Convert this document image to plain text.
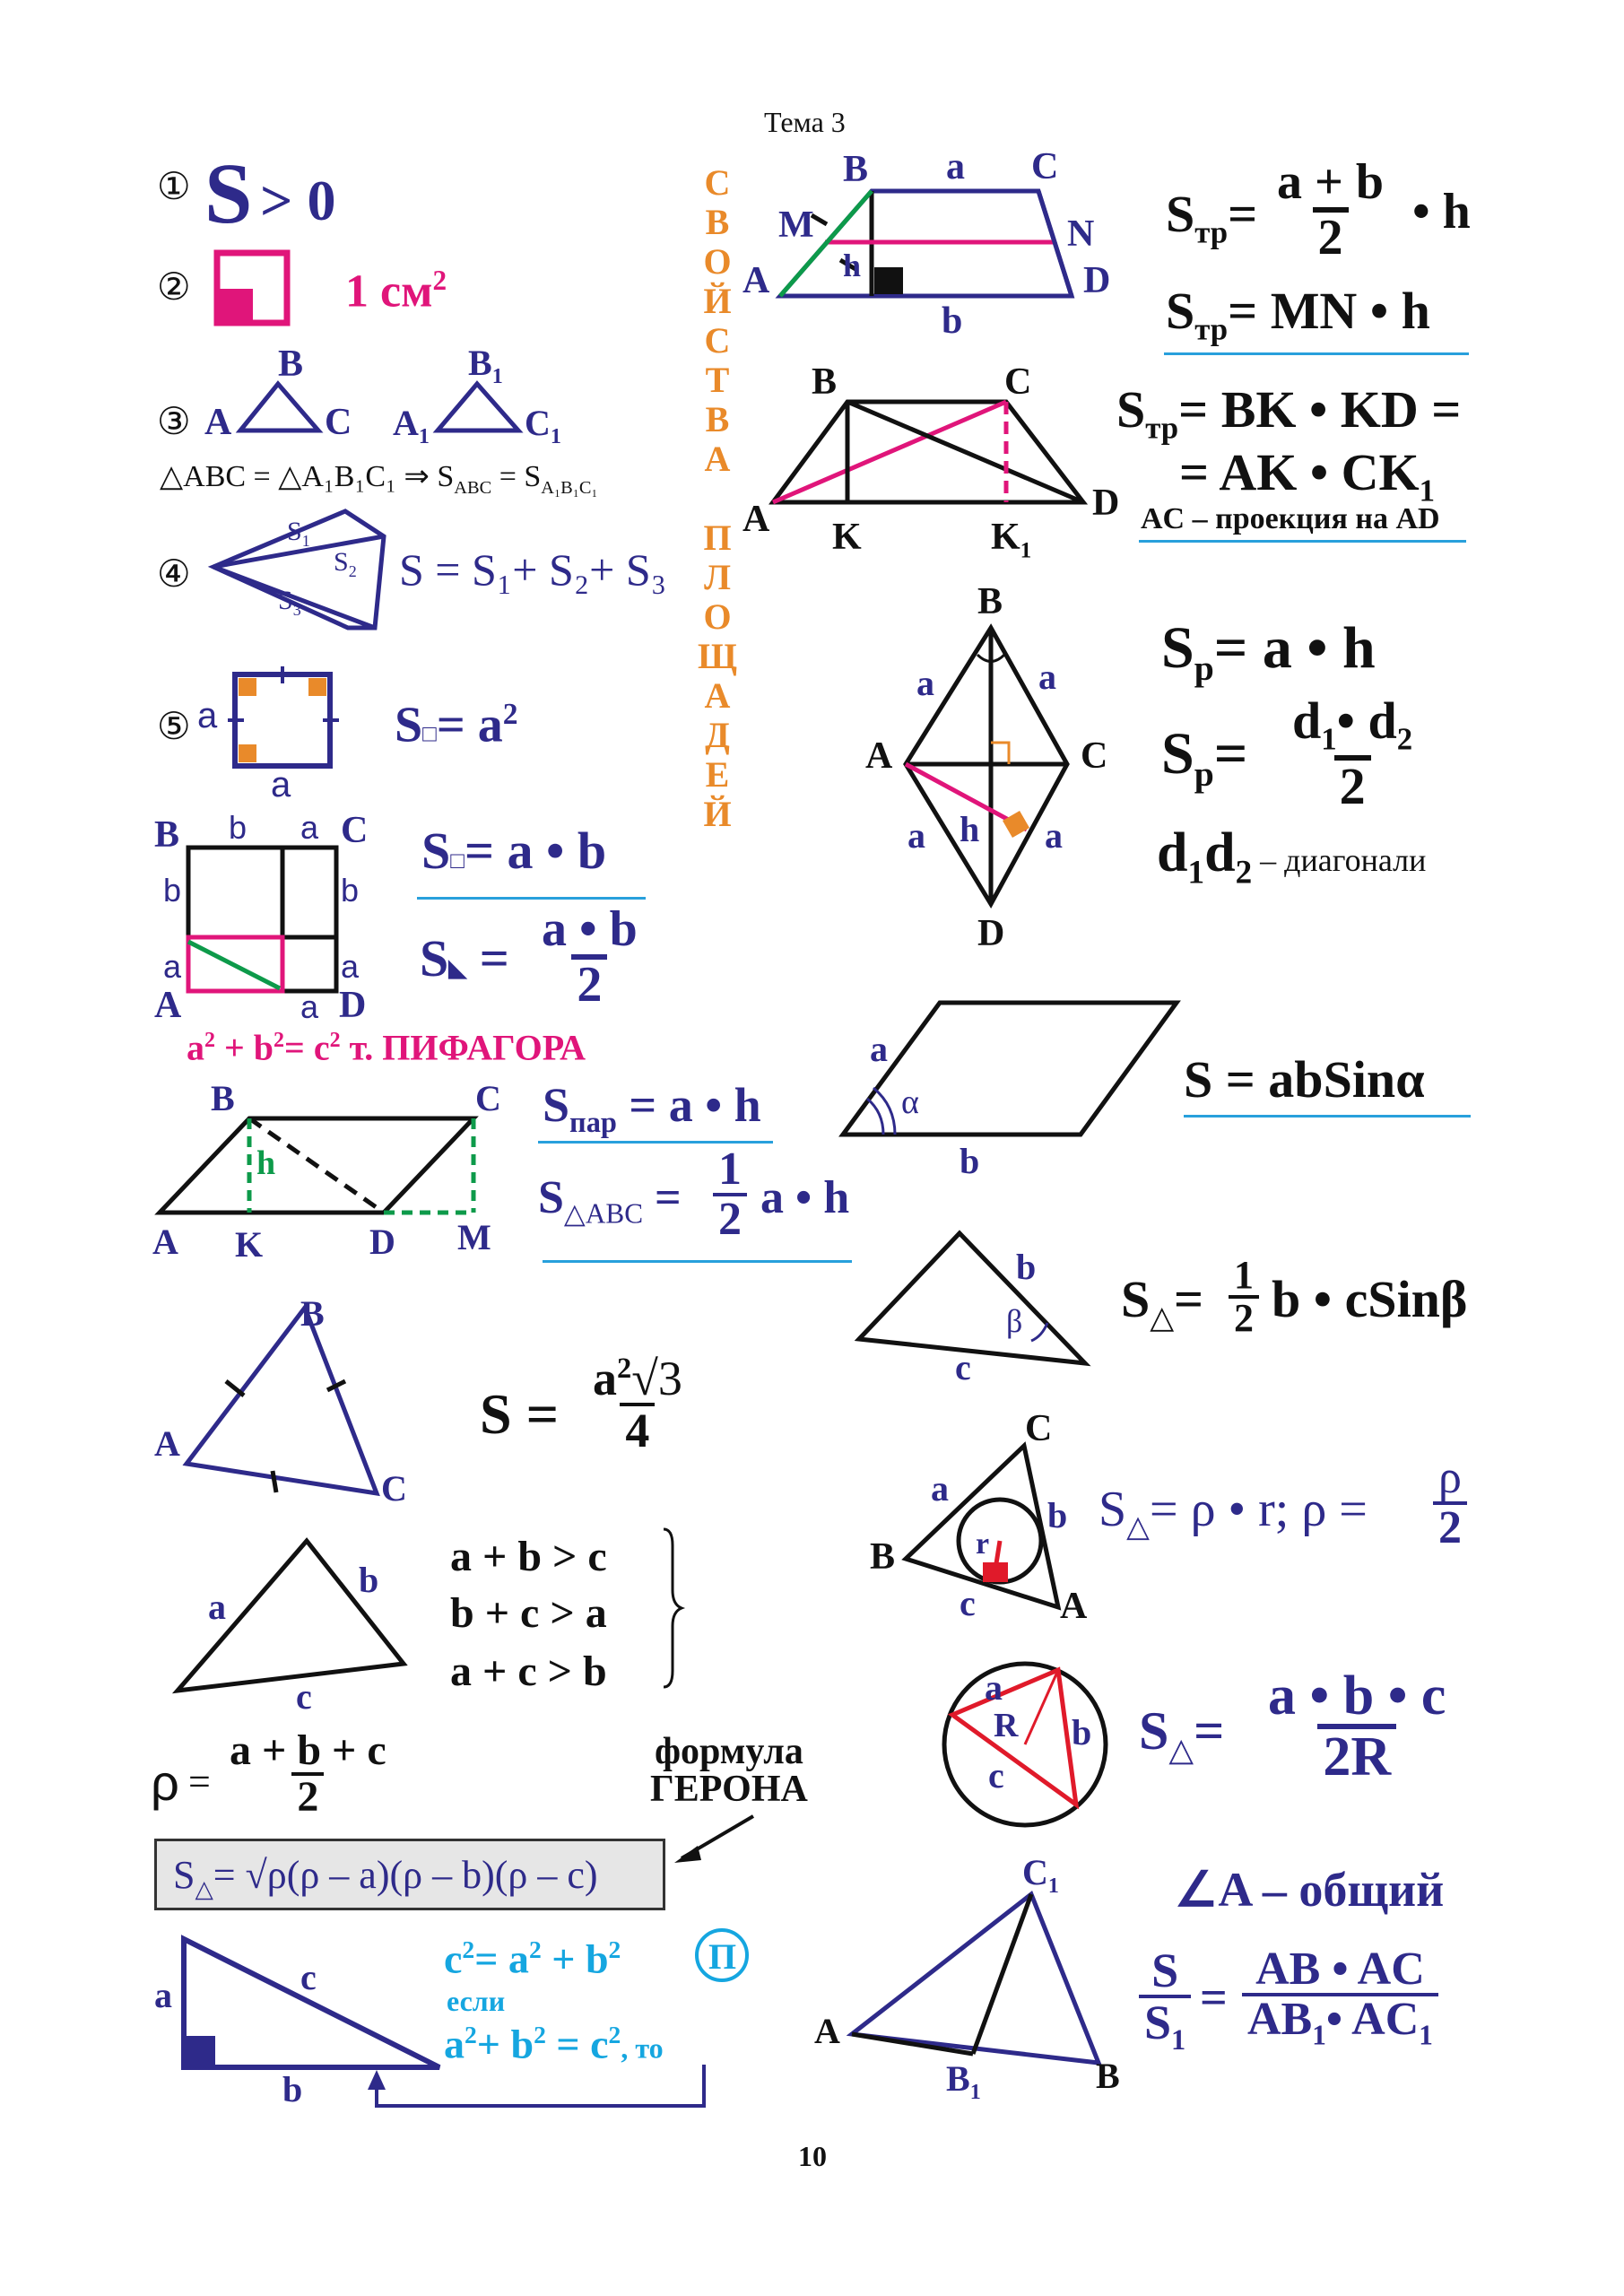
Тема 3
С
В
О
Й
С
Т
В
А
П
Л
О
Щ
А
Д
Е
Й
① S > 0
②	1 $см^2$
③ A
B
C $A_1$
$B_1$
$C_1$
△ABC = △A₁B₁C₁ ⇒ $S_{ABC} = S_{A_1B_1C_1}$
④
$S_1$
$S_2$
$S_3$
S = S₁+ S₂+ S₃
⑤ a
a
S□= $a^2$
B b a C
b	b
a	a
A	a D
S□= a • b
S◣ = $\frac{a • b}{2}$
$a^2 + b^2= c^2$ т. ПИФАГОРА
B	C
h
A K	D M
$S_{пар} = a$ • h
$S_{\triangle ABC} = \frac{1}{2}$ a • h
B
A
C
$S = \frac{a^2√3}{4}$
a
b
c
a + b > c
b + c > a
a + c > b
$\rho = \frac{a + b + c}{2}$	формула
ГЕРОНА
$S_\triangle= √\rho(\rho - a)(\rho - b)(\rho - c)$
a	c
b
$c^2= a^2 + b^2$ П
если
$a^2+ b^2 = c^2$, то
B a C
M	N
A h	D
b
$S_{тр}= \frac{a + b}{2}$ • h
$S_{тр}=$ MN • h
B	C
A K	$K_1$
D
$S_{тр}=$ BK • KD =
= AK • $CK_1$
AC – проекция на AD
B
a	a
A	C
a h a
D
$S_р= a$ • h
$S_р= \frac{d_1• d_2}{2}$
$d_1d_2$ – диагонали
a
α
b
S = abSinα
b
β
c
$S_\triangle= \frac{1}{2}$ b • cSinβ
C
a
b
B	r
c A
$S_\triangle= \rho$ • r; $\rho = \frac{\rho}{2}$
a
R b
c
$S_\triangle= \frac{a • b • c}{2R}$
$C_1$
A
$B_1$	B
∠A – общий
$\frac{S}{S_1} = \frac{AB • AC}{AB_1• AC_1}$
10
